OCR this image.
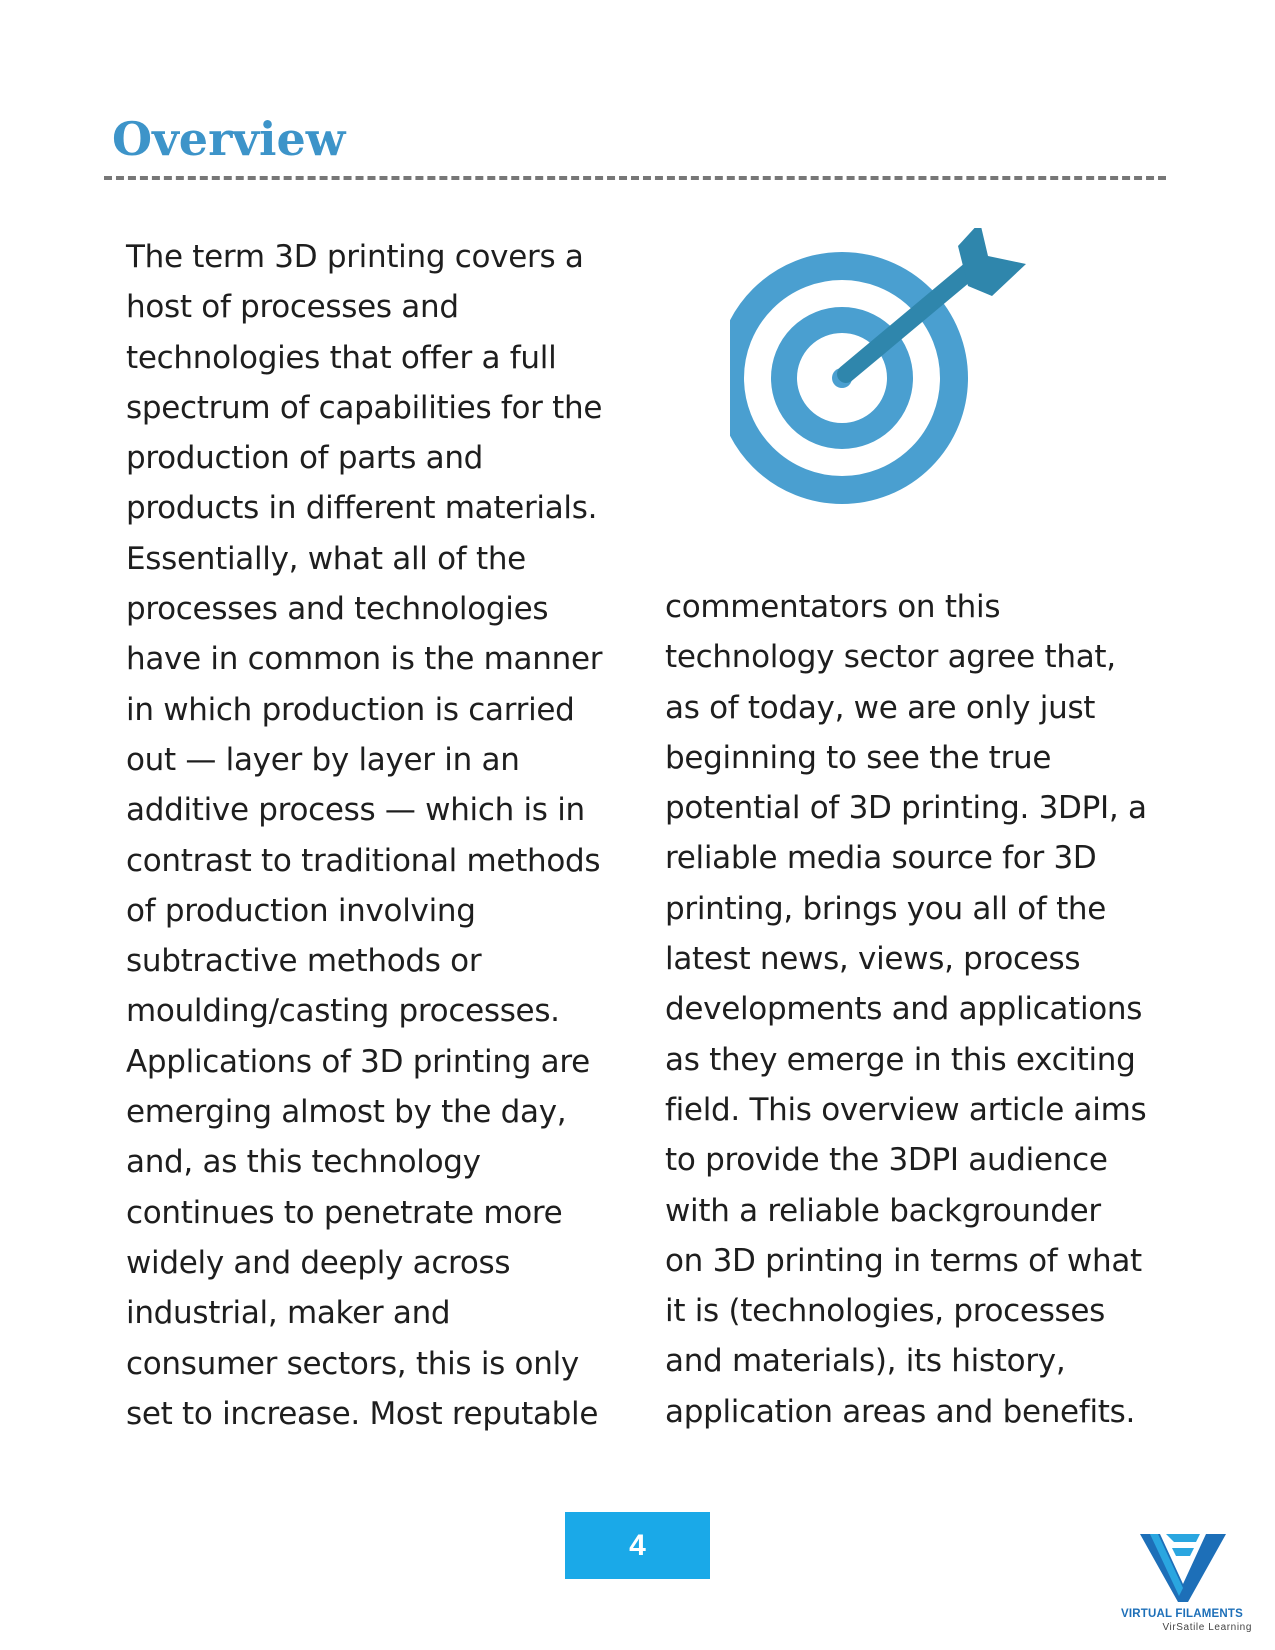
Overview
The term 3D printing covers a
host of processes and
technologies that offer a full
spectrum of capabilities for the
production of parts and
products in different materials.
Essentially, what all of the
processes and technologies
have in common is the manner
in which production is carried
out — layer by layer in an
additive process — which is in
contrast to traditional methods
of production involving
subtractive methods or
moulding/casting processes.
Applications of 3D printing are
emerging almost by the day,
and, as this technology
continues to penetrate more
widely and deeply across
industrial, maker and
consumer sectors, this is only
set to increase. Most reputable
commentators on this
technology sector agree that,
as of today, we are only just
beginning to see the true
potential of 3D printing. 3DPI, a
reliable media source for 3D
printing, brings you all of the
latest news, views, process
developments and applications
as they emerge in this exciting
field. This overview article aims
to provide the 3DPI audience
with a reliable backgrounder
on 3D printing in terms of what
it is (technologies, processes
and materials), its history,
application areas and benefits.
4
VIRTUAL FILAMENTS
VirSatile Learning
